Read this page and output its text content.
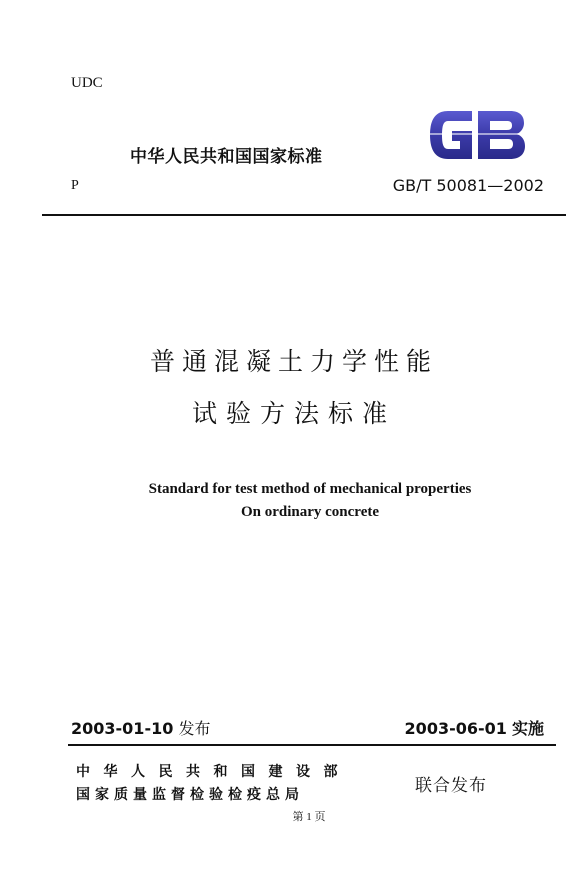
UDC
中华人民共和国国家标准
P	GB/T 50081—2002
普通混凝土力学性能
试验方法标准
Standard for test method of mechanical properties
On ordinary concrete
2003-01-10 发布	2003-06-01 实施
中华人民共和国建设部
国家质量监督检验检疫总局	联合发布
第 1 页
